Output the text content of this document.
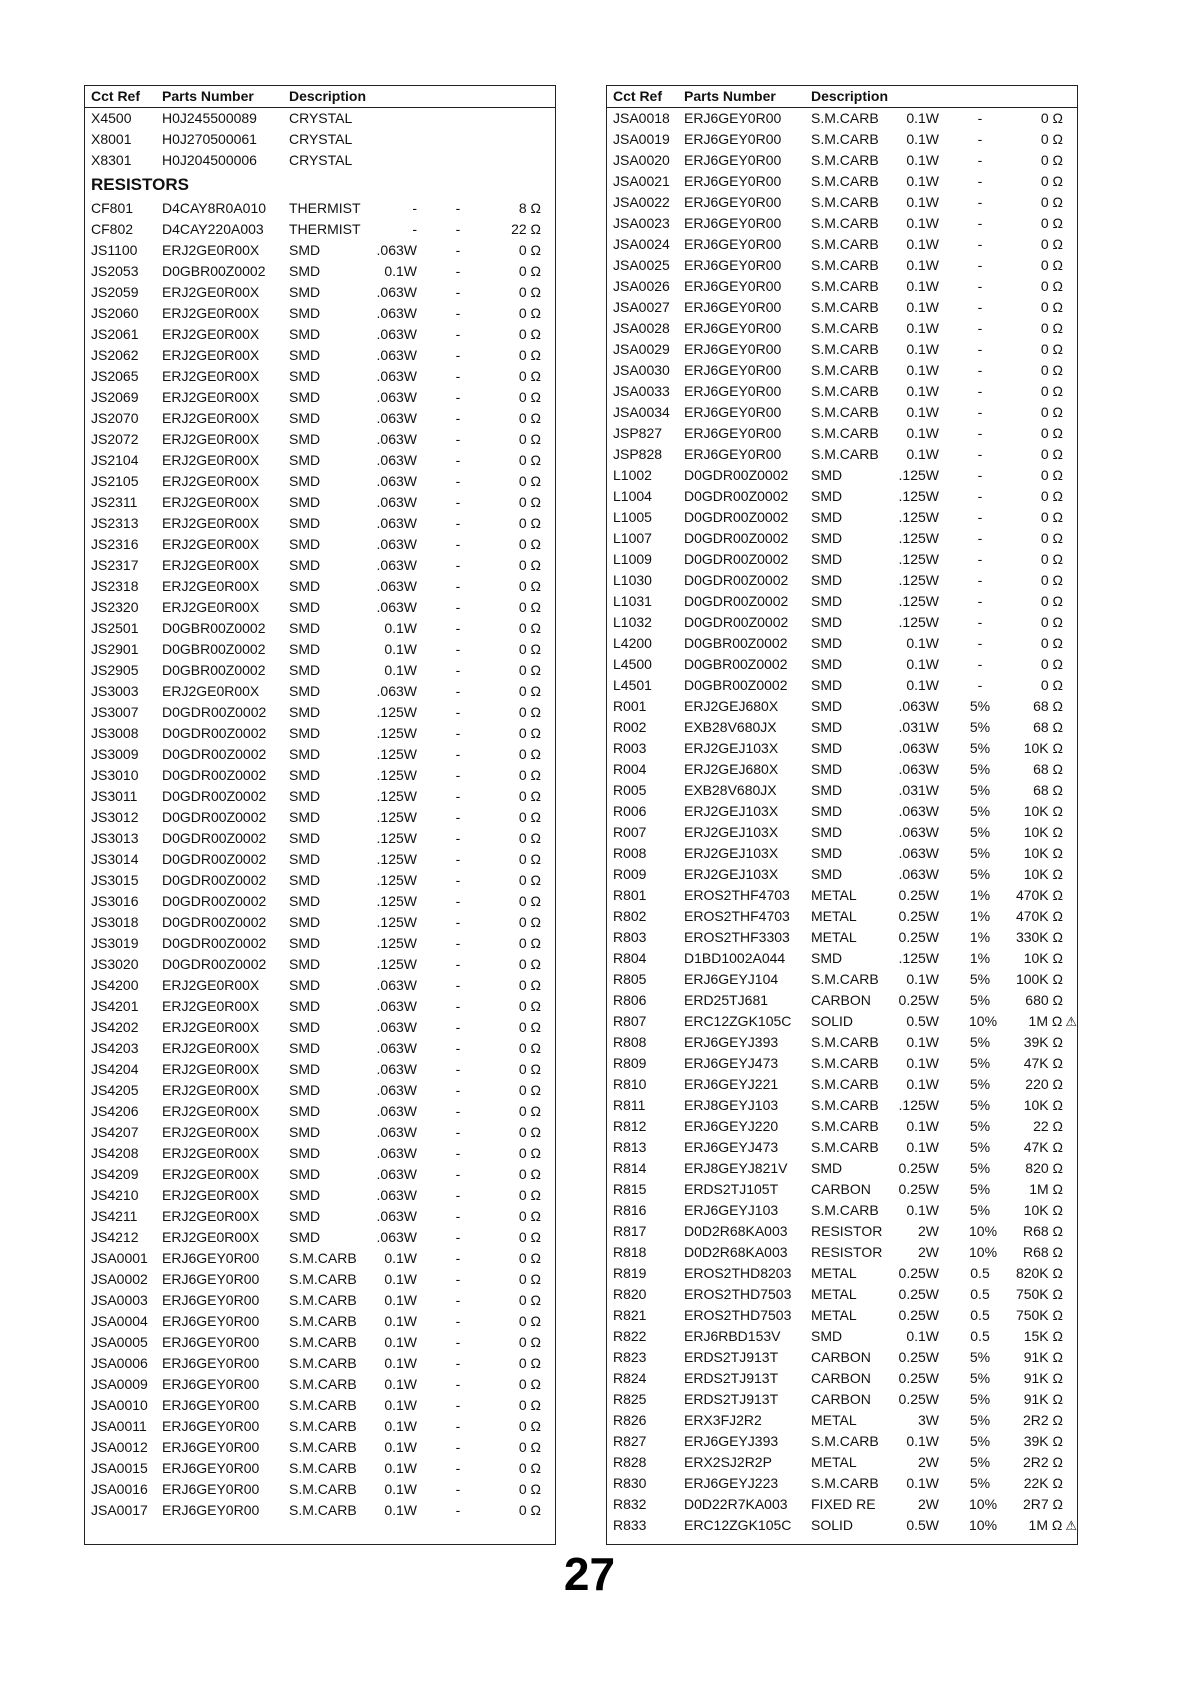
Cct Ref Parts Number	Description
X4500 H0J245500089 CRYSTAL
X8001 H0J270500061 CRYSTAL
X8301 H0J204500006 CRYSTAL
RESISTORS
CF801 D4CAY8R0A010 THERMIST	-	-	8 Ω
CF802 D4CAY220A003 THERMIST	-	-	22 Ω
JS1100 ERJ2GE0R00X SMD	.063W	-	0 Ω
JS2053 D0GBR00Z0002 SMD	0.1W	-	0 Ω
JS2059 ERJ2GE0R00X SMD	.063W	-	0 Ω
JS2060 ERJ2GE0R00X SMD	.063W	-	0 Ω
JS2061 ERJ2GE0R00X SMD	.063W	-	0 Ω
JS2062 ERJ2GE0R00X SMD	.063W	-	0 Ω
JS2065 ERJ2GE0R00X SMD	.063W	-	0 Ω
JS2069 ERJ2GE0R00X SMD	.063W	-	0 Ω
JS2070 ERJ2GE0R00X SMD	.063W	-	0 Ω
JS2072 ERJ2GE0R00X SMD	.063W	-	0 Ω
JS2104 ERJ2GE0R00X SMD	.063W	-	0 Ω
JS2105 ERJ2GE0R00X SMD	.063W	-	0 Ω
JS2311 ERJ2GE0R00X SMD	.063W	-	0 Ω
JS2313 ERJ2GE0R00X SMD	.063W	-	0 Ω
JS2316 ERJ2GE0R00X SMD	.063W	-	0 Ω
JS2317 ERJ2GE0R00X SMD	.063W	-	0 Ω
JS2318 ERJ2GE0R00X SMD	.063W	-	0 Ω
JS2320 ERJ2GE0R00X SMD	.063W	-	0 Ω
JS2501 D0GBR00Z0002 SMD	0.1W	-	0 Ω
JS2901 D0GBR00Z0002 SMD	0.1W	-	0 Ω
JS2905 D0GBR00Z0002 SMD	0.1W	-	0 Ω
JS3003 ERJ2GE0R00X SMD	.063W	-	0 Ω
JS3007 D0GDR00Z0002 SMD	.125W	-	0 Ω
JS3008 D0GDR00Z0002 SMD	.125W	-	0 Ω
JS3009 D0GDR00Z0002 SMD	.125W	-	0 Ω
JS3010 D0GDR00Z0002 SMD	.125W	-	0 Ω
JS3011 D0GDR00Z0002 SMD	.125W	-	0 Ω
JS3012 D0GDR00Z0002 SMD	.125W	-	0 Ω
JS3013 D0GDR00Z0002 SMD	.125W	-	0 Ω
JS3014 D0GDR00Z0002 SMD	.125W	-	0 Ω
JS3015 D0GDR00Z0002 SMD	.125W	-	0 Ω
JS3016 D0GDR00Z0002 SMD	.125W	-	0 Ω
JS3018 D0GDR00Z0002 SMD	.125W	-	0 Ω
JS3019 D0GDR00Z0002 SMD	.125W	-	0 Ω
JS3020 D0GDR00Z0002 SMD	.125W	-	0 Ω
JS4200 ERJ2GE0R00X SMD	.063W	-	0 Ω
JS4201 ERJ2GE0R00X SMD	.063W	-	0 Ω
JS4202 ERJ2GE0R00X SMD	.063W	-	0 Ω
JS4203 ERJ2GE0R00X SMD	.063W	-	0 Ω
JS4204 ERJ2GE0R00X SMD	.063W	-	0 Ω
JS4205 ERJ2GE0R00X SMD	.063W	-	0 Ω
JS4206 ERJ2GE0R00X SMD	.063W	-	0 Ω
JS4207 ERJ2GE0R00X SMD	.063W	-	0 Ω
JS4208 ERJ2GE0R00X SMD	.063W	-	0 Ω
JS4209 ERJ2GE0R00X SMD	.063W	-	0 Ω
JS4210 ERJ2GE0R00X SMD	.063W	-	0 Ω
JS4211 ERJ2GE0R00X SMD	.063W	-	0 Ω
JS4212 ERJ2GE0R00X SMD	.063W	-	0 Ω
JSA0001 ERJ6GEY0R00 S.M.CARB	0.1W	-	0 Ω
JSA0002 ERJ6GEY0R00 S.M.CARB	0.1W	-	0 Ω
JSA0003 ERJ6GEY0R00 S.M.CARB	0.1W	-	0 Ω
JSA0004 ERJ6GEY0R00 S.M.CARB	0.1W	-	0 Ω
JSA0005 ERJ6GEY0R00 S.M.CARB	0.1W	-	0 Ω
JSA0006 ERJ6GEY0R00 S.M.CARB	0.1W	-	0 Ω
JSA0009 ERJ6GEY0R00 S.M.CARB	0.1W	-	0 Ω
JSA0010 ERJ6GEY0R00 S.M.CARB	0.1W	-	0 Ω
JSA0011 ERJ6GEY0R00 S.M.CARB	0.1W	-	0 Ω
JSA0012 ERJ6GEY0R00 S.M.CARB	0.1W	-	0 Ω
JSA0015 ERJ6GEY0R00 S.M.CARB	0.1W	-	0 Ω
JSA0016 ERJ6GEY0R00 S.M.CARB	0.1W	-	0 Ω
JSA0017 ERJ6GEY0R00 S.M.CARB	0.1W	-	0 Ω
Cct Ref Parts Number	Description
JSA0018 ERJ6GEY0R00 S.M.CARB	0.1W	-	0 Ω
JSA0019 ERJ6GEY0R00 S.M.CARB	0.1W	-	0 Ω
JSA0020 ERJ6GEY0R00 S.M.CARB	0.1W	-	0 Ω
JSA0021 ERJ6GEY0R00 S.M.CARB	0.1W	-	0 Ω
JSA0022 ERJ6GEY0R00 S.M.CARB	0.1W	-	0 Ω
JSA0023 ERJ6GEY0R00 S.M.CARB	0.1W	-	0 Ω
JSA0024 ERJ6GEY0R00 S.M.CARB	0.1W	-	0 Ω
JSA0025 ERJ6GEY0R00 S.M.CARB	0.1W	-	0 Ω
JSA0026 ERJ6GEY0R00 S.M.CARB	0.1W	-	0 Ω
JSA0027 ERJ6GEY0R00 S.M.CARB	0.1W	-	0 Ω
JSA0028 ERJ6GEY0R00 S.M.CARB	0.1W	-	0 Ω
JSA0029 ERJ6GEY0R00 S.M.CARB	0.1W	-	0 Ω
JSA0030 ERJ6GEY0R00 S.M.CARB	0.1W	-	0 Ω
JSA0033 ERJ6GEY0R00 S.M.CARB	0.1W	-	0 Ω
JSA0034 ERJ6GEY0R00 S.M.CARB	0.1W	-	0 Ω
JSP827 ERJ6GEY0R00 S.M.CARB	0.1W	-	0 Ω
JSP828 ERJ6GEY0R00 S.M.CARB	0.1W	-	0 Ω
L1002 D0GDR00Z0002 SMD	.125W	-	0 Ω
L1004 D0GDR00Z0002 SMD	.125W	-	0 Ω
L1005 D0GDR00Z0002 SMD	.125W	-	0 Ω
L1007 D0GDR00Z0002 SMD	.125W	-	0 Ω
L1009 D0GDR00Z0002 SMD	.125W	-	0 Ω
L1030 D0GDR00Z0002 SMD	.125W	-	0 Ω
L1031 D0GDR00Z0002 SMD	.125W	-	0 Ω
L1032 D0GDR00Z0002 SMD	.125W	-	0 Ω
L4200 D0GBR00Z0002 SMD	0.1W	-	0 Ω
L4500 D0GBR00Z0002 SMD	0.1W	-	0 Ω
L4501 D0GBR00Z0002 SMD	0.1W	-	0 Ω
R001	ERJ2GEJ680X SMD	.063W 5%	68 Ω
R002	EXB28V680JX SMD	.031W 5%	68 Ω
R003	ERJ2GEJ103X SMD	.063W 5%	10K Ω
R004	ERJ2GEJ680X SMD	.063W 5%	68 Ω
R005	EXB28V680JX SMD	.031W 5%	68 Ω
R006	ERJ2GEJ103X SMD	.063W 5%	10K Ω
R007	ERJ2GEJ103X SMD	.063W 5%	10K Ω
R008	ERJ2GEJ103X SMD	.063W 5%	10K Ω
R009	ERJ2GEJ103X SMD	.063W 5%	10K Ω
R801	EROS2THF4703 METAL	0.25W 1%	470K Ω
R802	EROS2THF4703 METAL	0.25W 1%	470K Ω
R803	EROS2THF3303 METAL	0.25W 1%	330K Ω
R804	D1BD1002A044 SMD	.125W 1%	10K Ω
R805	ERJ6GEYJ104 S.M.CARB	0.1W 5%	100K Ω
R806	ERD25TJ681	CARBON	0.25W 5%	680 Ω
R807	ERC12ZGK105C SOLID	0.5W 10%	1M Ω ⚠
R808	ERJ6GEYJ393 S.M.CARB	0.1W 5%	39K Ω
R809	ERJ6GEYJ473 S.M.CARB	0.1W 5%	47K Ω
R810	ERJ6GEYJ221 S.M.CARB	0.1W 5%	220 Ω
R811	ERJ8GEYJ103 S.M.CARB	.125W 5%	10K Ω
R812	ERJ6GEYJ220 S.M.CARB	0.1W 5%	22 Ω
R813	ERJ6GEYJ473 S.M.CARB	0.1W 5%	47K Ω
R814	ERJ8GEYJ821V SMD	0.25W 5%	820 Ω
R815	ERDS2TJ105T CARBON	0.25W 5%	1M Ω
R816	ERJ6GEYJ103 S.M.CARB	0.1W 5%	10K Ω
R817	D0D2R68KA003 RESISTOR	2W 10%	R68 Ω
R818	D0D2R68KA003 RESISTOR	2W 10%	R68 Ω
R819	EROS2THD8203 METAL	0.25W 0.5	820K Ω
R820	EROS2THD7503 METAL	0.25W 0.5	750K Ω
R821	EROS2THD7503 METAL	0.25W 0.5	750K Ω
R822	ERJ6RBD153V SMD	0.1W 0.5	15K Ω
R823	ERDS2TJ913T CARBON	0.25W 5%	91K Ω
R824	ERDS2TJ913T CARBON	0.25W 5%	91K Ω
R825	ERDS2TJ913T CARBON	0.25W 5%	91K Ω
R826	ERX3FJ2R2	METAL	3W 5%	2R2 Ω
R827	ERJ6GEYJ393 S.M.CARB	0.1W 5%	39K Ω
R828	ERX2SJ2R2P	METAL	2W 5%	2R2 Ω
R830	ERJ6GEYJ223 S.M.CARB	0.1W 5%	22K Ω
R832	D0D22R7KA003 FIXED RE	2W 10%	2R7 Ω
R833	ERC12ZGK105C SOLID	0.5W 10%	1M Ω ⚠
27
